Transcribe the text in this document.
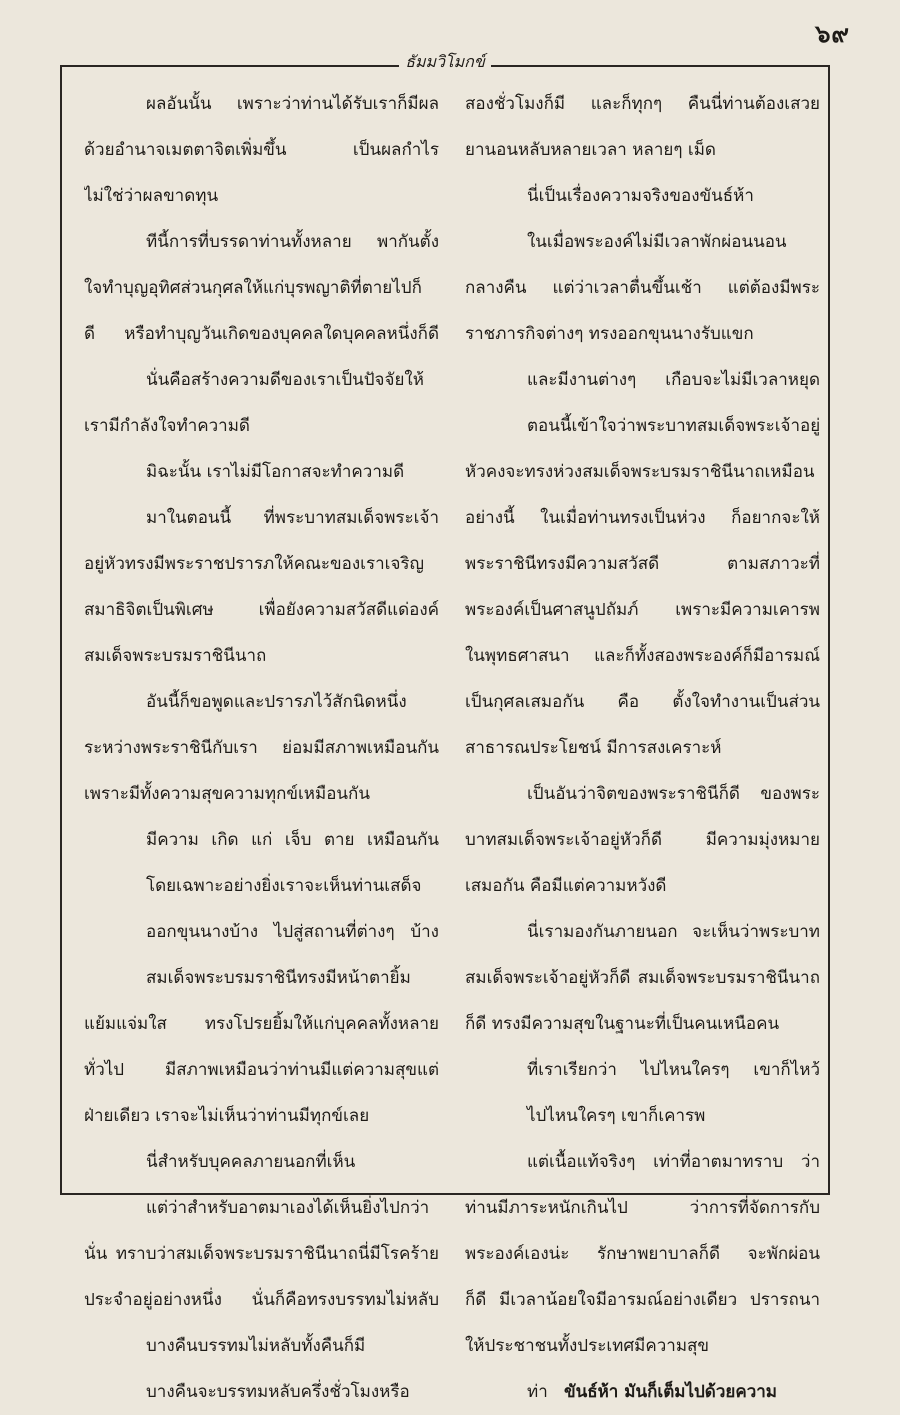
๖๙
ธัมมวิโมกข์
ผลอันนั้น เพราะว่าท่านได้รับเราก็มีผล
ด้วยอำนาจเมตตาจิตเพิ่มขึ้น เป็นผลกำไร
ไม่ใช่ว่าผลขาดทุน
ทีนี้การที่บรรดาท่านทั้งหลาย พากันตั้ง
ใจทำบุญอุทิศส่วนกุศลให้แก่บุรพญาติที่ตายไปก็
ดี หรือทำบุญวันเกิดของบุคคลใดบุคคลหนึ่งก็ดี
นั่นคือสร้างความดีของเราเป็นปัจจัยให้
เรามีกำลังใจทำความดี
มิฉะนั้น เราไม่มีโอกาสจะทำความดี
มาในตอนนี้ ที่พระบาทสมเด็จพระเจ้า
อยู่หัวทรงมีพระราชปรารภให้คณะของเราเจริญ
สมาธิจิตเป็นพิเศษ เพื่อยังความสวัสดีแด่องค์
สมเด็จพระบรมราชินีนาถ
อันนี้ก็ขอพูดและปรารภไว้สักนิดหนึ่ง
ระหว่างพระราชินีกับเรา ย่อมมีสภาพเหมือนกัน
เพราะมีทั้งความสุขความทุกข์เหมือนกัน
มีความ เกิด แก่ เจ็บ ตาย เหมือนกัน
โดยเฉพาะอย่างยิ่งเราจะเห็นท่านเสด็จ
ออกขุนนางบ้าง ไปสู่สถานที่ต่างๆ บ้าง
สมเด็จพระบรมราชินีทรงมีหน้าตายิ้ม
แย้มแจ่มใส ทรงโปรยยิ้มให้แก่บุคคลทั้งหลาย
ทั่วไป มีสภาพเหมือนว่าท่านมีแต่ความสุขแต่
ฝ่ายเดียว เราจะไม่เห็นว่าท่านมีทุกข์เลย
นี่สำหรับบุคคลภายนอกที่เห็น
แต่ว่าสำหรับอาตมาเองได้เห็นยิ่งไปกว่า
นั่น ทราบว่าสมเด็จพระบรมราชินีนาถนี่มีโรคร้าย
ประจำอยู่อย่างหนึ่ง นั่นก็คือทรงบรรทมไม่หลับ
บางคืนบรรทมไม่หลับทั้งคืนก็มี
บางคืนจะบรรทมหลับครึ่งชั่วโมงหรือ
สองชั่วโมงก็มี และก็ทุกๆ คืนนี่ท่านต้องเสวย
ยานอนหลับหลายเวลา หลายๆ เม็ด
นี่เป็นเรื่องความจริงของขันธ์ห้า
ในเมื่อพระองค์ไม่มีเวลาพักผ่อนนอน
กลางคืน แต่ว่าเวลาตื่นขึ้นเช้า แต่ต้องมีพระ
ราชภารกิจต่างๆ ทรงออกขุนนางรับแขก
และมีงานต่างๆ เกือบจะไม่มีเวลาหยุด
ตอนนี้เข้าใจว่าพระบาทสมเด็จพระเจ้าอยู่
หัวคงจะทรงห่วงสมเด็จพระบรมราชินีนาถเหมือน
อย่างนี้ ในเมื่อท่านทรงเป็นห่วง ก็อยากจะให้
พระราชินีทรงมีความสวัสดี ตามสภาวะที่
พระองค์เป็นศาสนูปถัมภ์ เพราะมีความเคารพ
ในพุทธศาสนา และก็ทั้งสองพระองค์ก็มีอารมณ์
เป็นกุศลเสมอกัน คือ ตั้งใจทำงานเป็นส่วน
สาธารณประโยชน์ มีการสงเคราะห์
เป็นอันว่าจิตของพระราชินีก็ดี ของพระ
บาทสมเด็จพระเจ้าอยู่หัวก็ดี มีความมุ่งหมาย
เสมอกัน คือมีแต่ความหวังดี
นี่เรามองกันภายนอก จะเห็นว่าพระบาท
สมเด็จพระเจ้าอยู่หัวก็ดี สมเด็จพระบรมราชินีนาถ
ก็ดี ทรงมีความสุขในฐานะที่เป็นคนเหนือคน
ที่เราเรียกว่า ไปไหนใครๆ เขาก็ไหว้
ไปไหนใครๆ เขาก็เคารพ
แต่เนื้อแท้จริงๆ เท่าที่อาตมาทราบ ว่า
ท่านมีภาระหนักเกินไป ว่าการที่จัดการกับ
พระองค์เองน่ะ รักษาพยาบาลก็ดี จะพักผ่อน
ก็ดี มีเวลาน้อยใจมีอารมณ์อย่างเดียว ปรารถนา
ให้ประชาชนทั้งประเทศมีความสุข
ท่า ขันธ์ห้า มันก็เต็มไปด้วยความ
